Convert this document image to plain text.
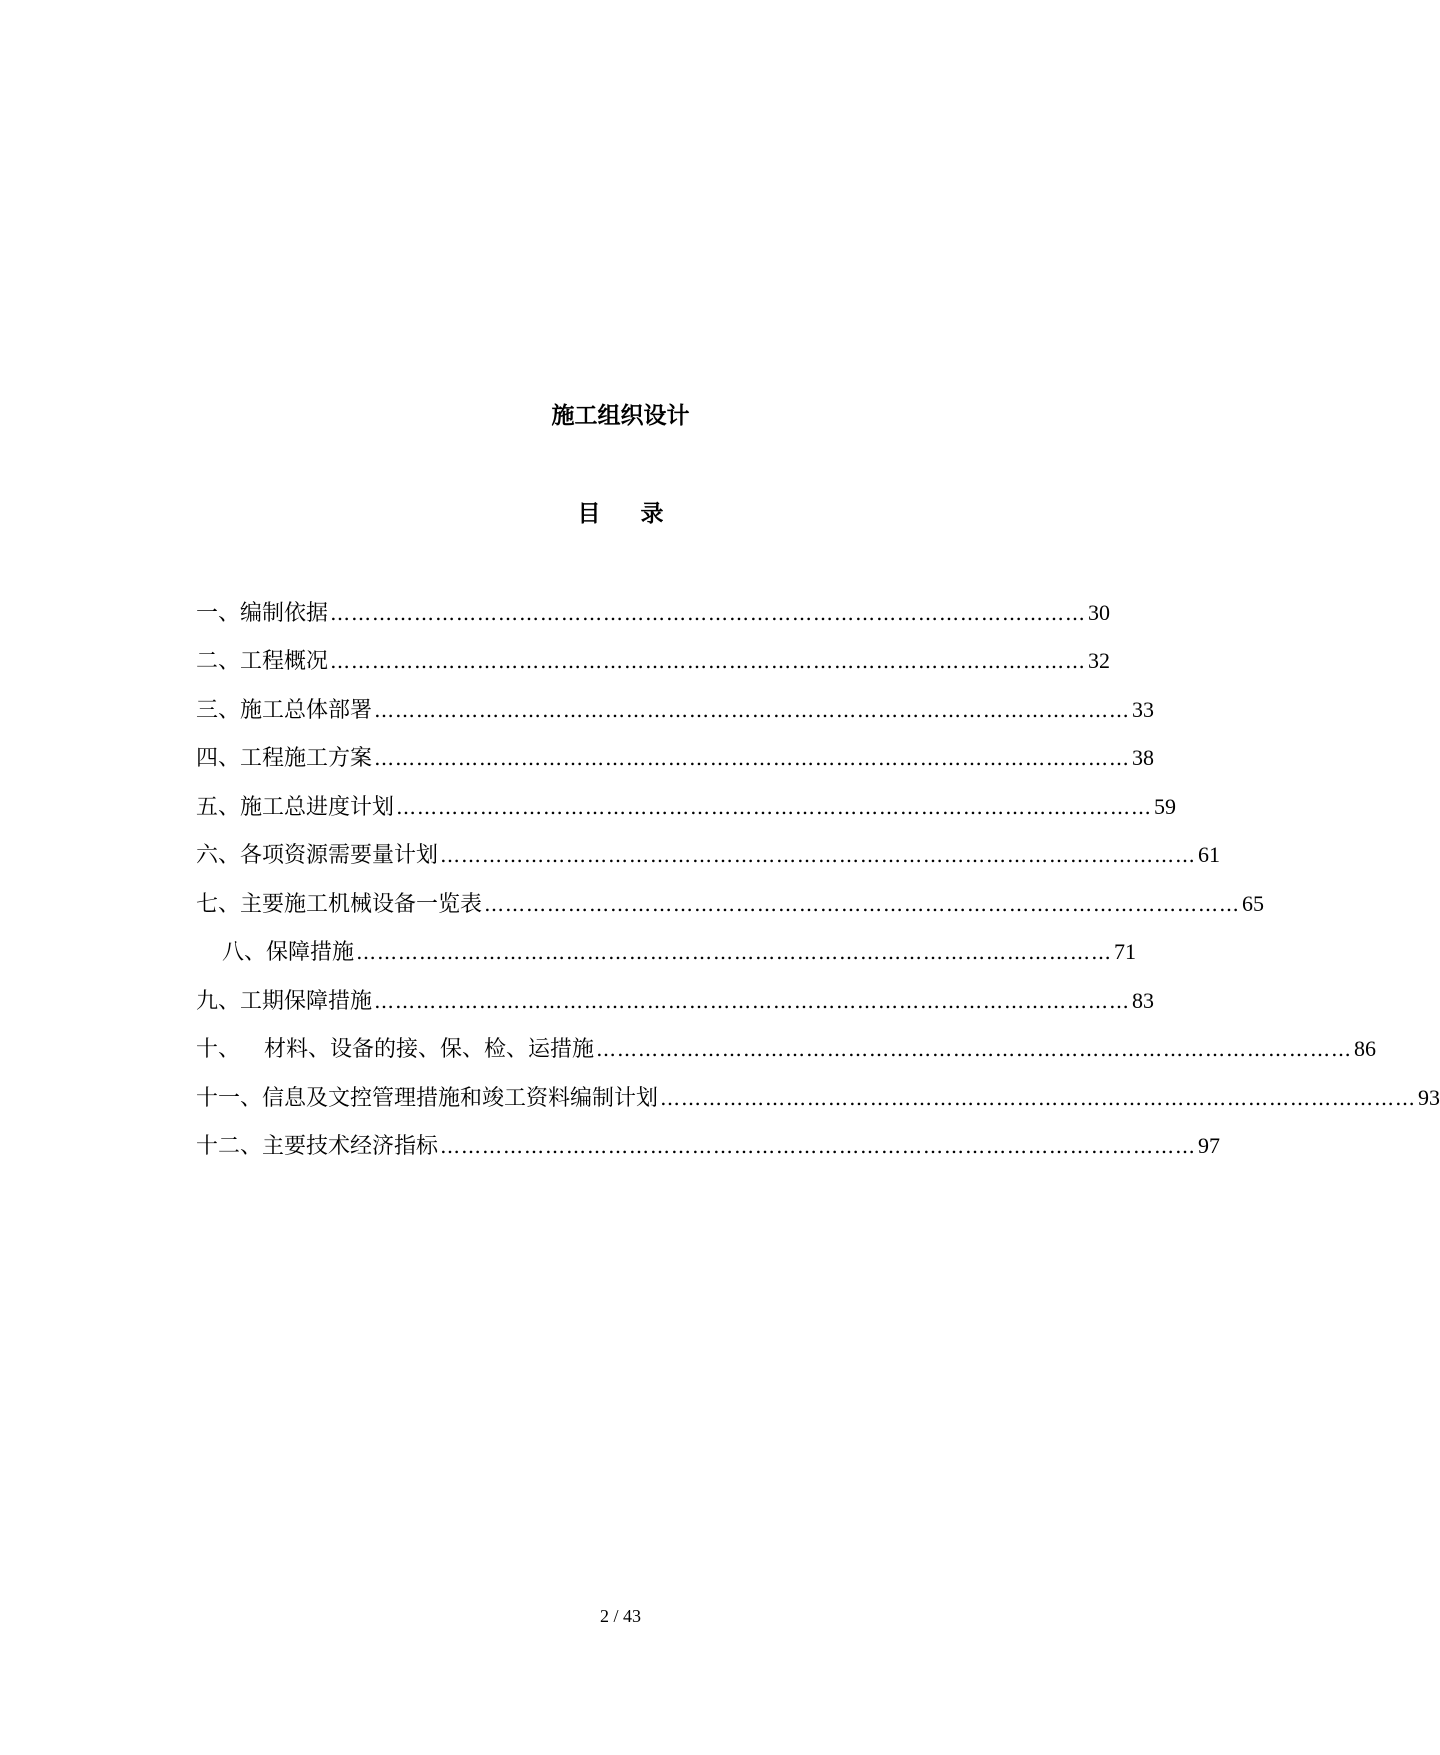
施工组织设计
目 录
一、 编制依据 ……………………………………………………………………………………………… 30
二、 工程概况 ……………………………………………………………………………………………… 32
三、 施工总体部署 ……………………………………………………………………………………………… 33
四、 工程施工方案 ……………………………………………………………………………………………… 38
五、 施工总进度计划 ……………………………………………………………………………………………… 59
六、 各项资源需要量计划 ……………………………………………………………………………………………… 61
七、 主要施工机械设备一览表 ……………………………………………………………………………………………… 65
八、 保障措施 ……………………………………………………………………………………………… 71
九、 工期保障措施 ……………………………………………………………………………………………… 83
十、 材料、设备的接、保、检、运措施 ……………………………………………………………………………………………… 86
十一、 信息及文控管理措施和竣工资料编制计划 ……………………………………………………………………………………………… 93
十二、 主要技术经济指标 ……………………………………………………………………………………………… 97
2 / 43
